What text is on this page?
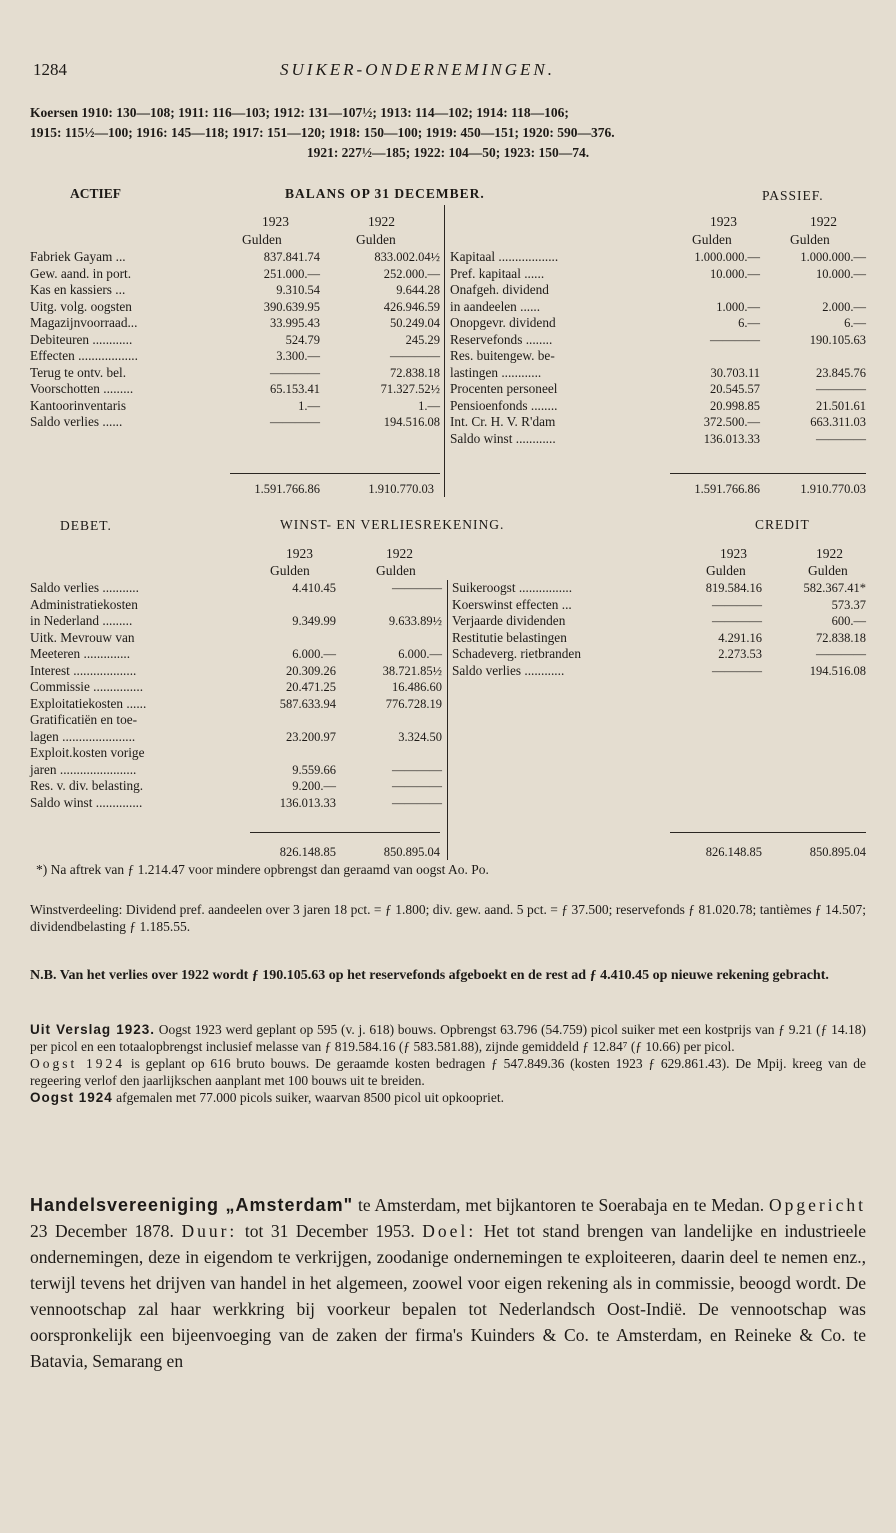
1284	SUIKER-ONDERNEMINGEN.
Koersen 1910: 130—108; 1911: 116—103; 1912: 131—107½; 1913: 114—102; 1914: 118—106;
1915: 115½—100; 1916: 145—118; 1917: 151—120; 1918: 150—100; 1919: 450—151; 1920: 590—376.
1921: 227½—185; 1922: 104—50; 1923: 150—74.
ACTIEF	BALANS OP 31 DECEMBER.	PASSIEF.
1923	1922	1923	1922
Gulden	Gulden	Gulden	Gulden
Fabriek Gayam ...	837.841.74	833.002.04½
Gew. aand. in port.	251.000.—	252.000.—
Kas en kassiers ...	9.310.54	9.644.28
Uitg. volg. oogsten	390.639.95	426.946.59
Magazijnvoorraad...	33.995.43	50.249.04
Debiteuren ............	524.79	245.29
Effecten ..................	3.300.—	————
Terug te ontv. bel.	————	72.838.18
Voorschotten .........	65.153.41	71.327.52½
Kantoorinventaris	1.—	1.—
Saldo verlies ......	————	194.516.08

Kapitaal ..................	1.000.000.—	1.000.000.—
Pref. kapitaal ......	10.000.—	10.000.—
Onafgeh. dividend		
in aandeelen ......	1.000.—	2.000.—
Onopgevr. dividend	6.—	6.—
Reservefonds ........	————	190.105.63
Res. buitengew. be-		
lastingen ............	30.703.11	23.845.76
Procenten personeel	20.545.57	————
Pensioenfonds ........	20.998.85	21.501.61
Int. Cr. H. V. R'dam	372.500.—	663.311.03
Saldo winst ............	136.013.33	————
1.591.766.86	1.910.770.03	1.591.766.86	1.910.770.03
DEBET.	WINST- EN VERLIESREKENING.	CREDIT
1923	1922	1923	1922
Gulden	Gulden	Gulden	Gulden
Saldo verlies ...........	4.410.45	————
Administratiekosten		
in Nederland .........	9.349.99	9.633.89½
Uitk. Mevrouw van		
Meeteren ..............	6.000.—	6.000.—
Interest ...................	20.309.26	38.721.85½
Commissie ...............	20.471.25	16.486.60
Exploitatiekosten ......	587.633.94	776.728.19
Gratificatiën en toe-		
lagen ......................	23.200.97	3.324.50
Exploit.kosten vorige		
jaren .......................	9.559.66	————
Res. v. div. belasting.	9.200.—	————
Saldo winst ..............	136.013.33	————
Suikeroogst ................	819.584.16	582.367.41*
Koerswinst effecten ...	————	573.37
Verjaarde dividenden	————	600.—
Restitutie belastingen	4.291.16	72.838.18
Schadeverg. rietbranden	2.273.53	————
Saldo verlies ............	————	194.516.08
826.148.85	850.895.04	826.148.85	850.895.04

*) Na aftrek van ƒ 1.214.47 voor mindere opbrengst dan geraamd van oogst Ao. Po.

Winstverdeeling: Dividend pref. aandeelen over 3 jaren 18 pct. = ƒ 1.800; div. gew. aand. 5 pct. = ƒ 37.500; reservefonds ƒ 81.020.78; tantièmes ƒ 14.507; dividendbelasting ƒ 1.185.55.

N.B. Van het verlies over 1922 wordt ƒ 190.105.63 op het reservefonds afgeboekt en de rest ad ƒ 4.410.45 op nieuwe rekening gebracht.

Uit Verslag 1923. Oogst 1923 werd geplant op 595 (v. j. 618) bouws. Opbrengst 63.796 (54.759) picol suiker met een kostprijs van ƒ 9.21 (ƒ 14.18) per picol en een totaalopbrengst inclusief melasse van ƒ 819.584.16 (ƒ 583.581.88), zijnde gemiddeld ƒ 12.84⁷ (ƒ 10.66) per picol.

Oogst 1924 is geplant op 616 bruto bouws. De geraamde kosten bedragen ƒ 547.849.36 (kosten 1923 ƒ 629.861.43). De Mpij. kreeg van de regeering verlof den jaarlijkschen aanplant met 100 bouws uit te breiden.

Oogst 1924 afgemalen met 77.000 picols suiker, waarvan 8500 picol uit opkoopriet.

Handelsvereeniging „Amsterdam" te Amsterdam, met bijkantoren te Soerabaja en te Medan. Opgericht 23 December 1878. Duur: tot 31 December 1953. Doel: Het tot stand brengen van landelijke en industrieele ondernemingen, deze in eigendom te verkrijgen, zoodanige ondernemingen te exploiteeren, daarin deel te nemen enz., terwijl tevens het drijven van handel in het algemeen, zoowel voor eigen rekening als in commissie, beoogd wordt. De vennootschap zal haar werkkring bij voorkeur bepalen tot Nederlandsch Oost-Indië. De vennootschap was oorspronkelijk een bijeenvoeging van de zaken der firma's Kuinders & Co. te Amsterdam, en Reineke & Co. te Batavia, Semarang en
